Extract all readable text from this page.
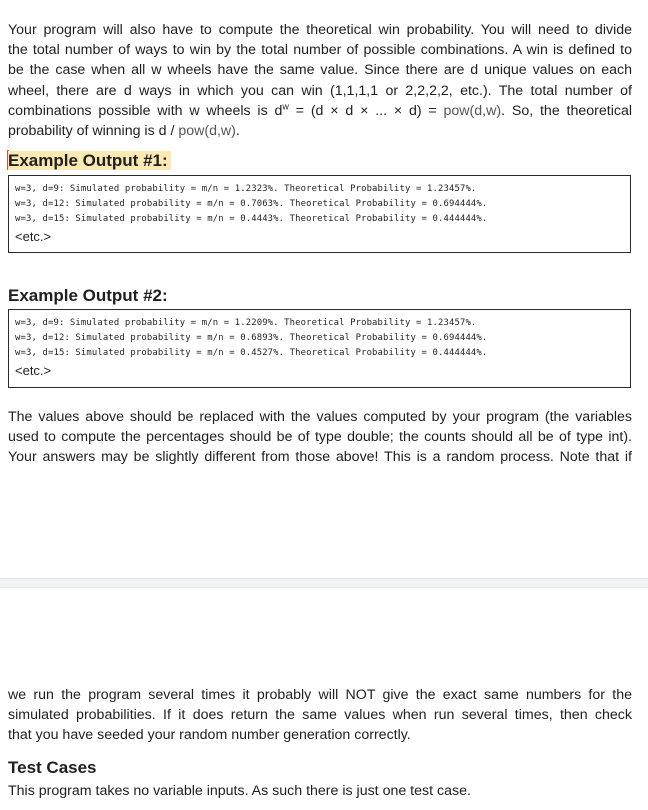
Your program will also have to compute the theoretical win probability. You will need to divide
the total number of ways to win by the total number of possible combinations. A win is defined to
be the case when all w wheels have the same value. Since there are d unique values on each
wheel, there are d ways in which you can win (1,1,1,1 or 2,2,2,2, etc.). The total number of
combinations possible with w wheels is $d^w = (d \times d$ × ... × d) = pow(d,w). So, the theoretical
probability of winning is d / pow(d,w).

Example Output #1:
w=3, d=9: Simulated probability = m/n = 1.2323%. Theoretical Probability = 1.23457%.
w=3, d=12: Simulated probability = m/n = 0.7063%. Theoretical Probability = 0.694444%.
w=3, d=15: Simulated probability = m/n = 0.4443%. Theoretical Probability = 0.444444%.
<etc.>
Example Output #2:
w=3, d=9: Simulated probability = m/n = 1.2209%. Theoretical Probability = 1.23457%.
w=3, d=12: Simulated probability = m/n = 0.6893%. Theoretical Probability = 0.694444%.
w=3, d=15: Simulated probability = m/n = 0.4527%. Theoretical Probability = 0.444444%.
<etc.>

The values above should be replaced with the values computed by your program (the variables
used to compute the percentages should be of type double; the counts should all be of type int).
Your answers may be slightly different from those above! This is a random process. Note that if

we run the program several times it probably will NOT give the exact same numbers for the
simulated probabilities. If it does return the same values when run several times, then check
that you have seeded your random number generation correctly.

Test Cases

This program takes no variable inputs. As such there is just one test case.
